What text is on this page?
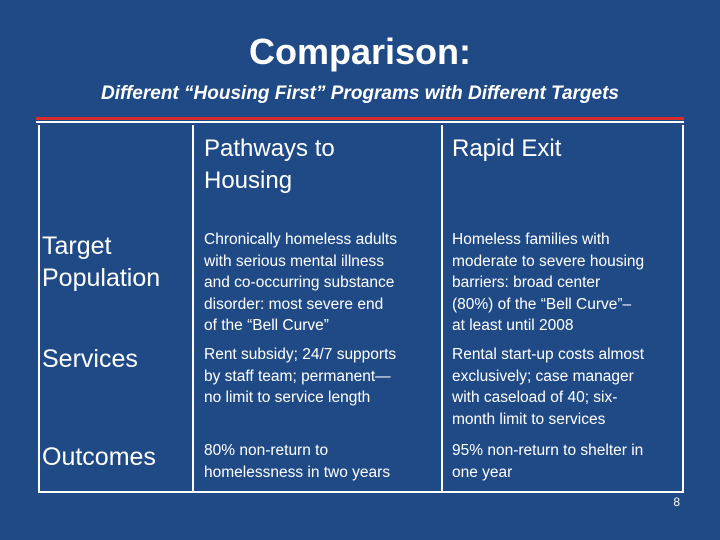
Comparison:
Different “Housing First” Programs with Different Targets
Pathways to
Housing
Rapid Exit
Target
Population
Chronically homeless adults
with serious mental illness
and co-occurring substance
disorder: most severe end
of the “Bell Curve”
Homeless families with
moderate to severe housing
barriers: broad center
(80%) of the “Bell Curve”–
at least until 2008
Services	Rent subsidy; 24/7 supports
by staff team; permanent—
no limit to service length
Rental start-up costs almost
exclusively; case manager
with caseload of 40; six-
month limit to services
Outcomes	80% non-return to
homelessness in two years
95% non-return to shelter in
one year
8
